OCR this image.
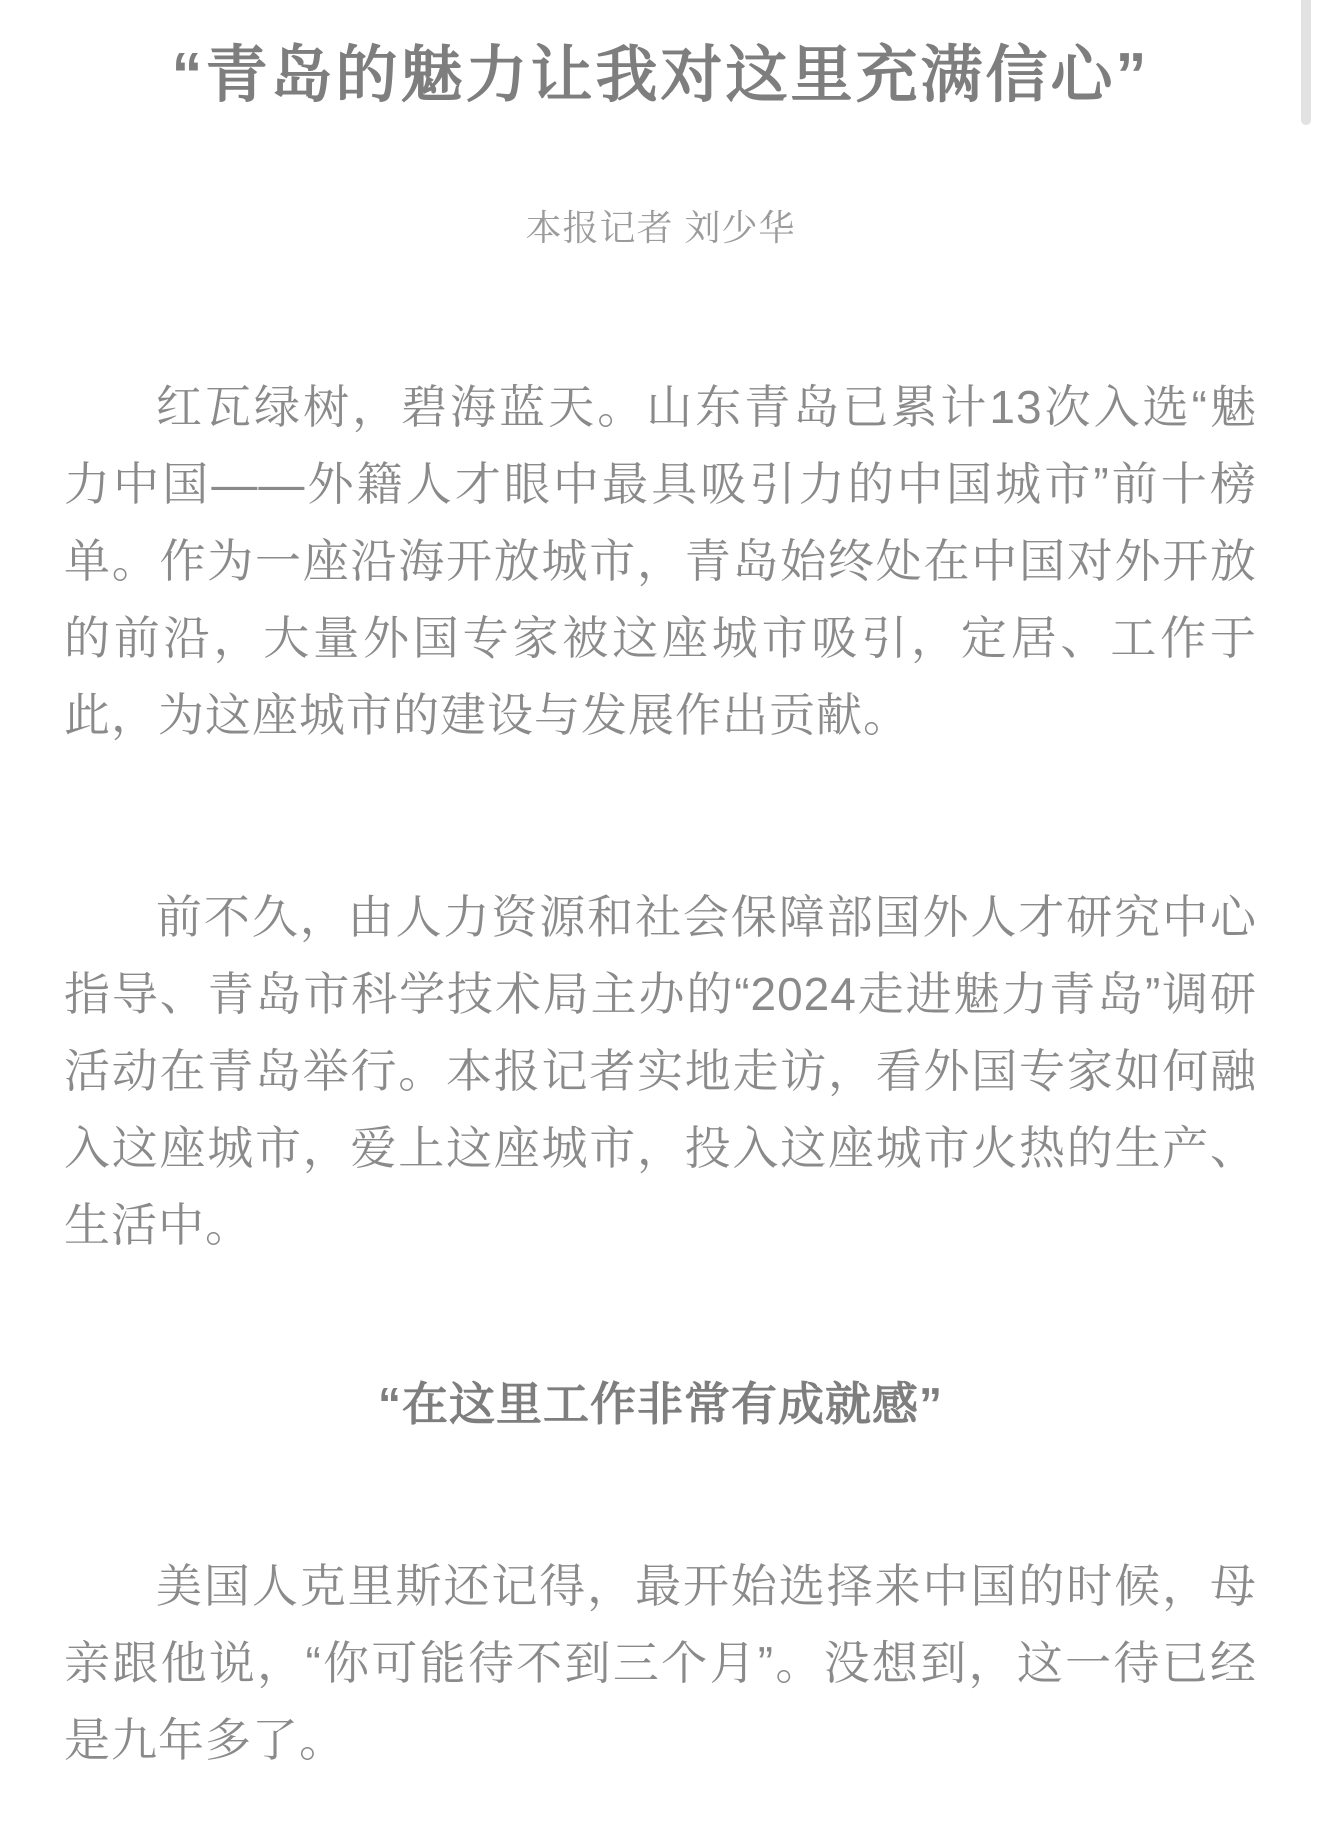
“青岛的魅力让我对这里充满信心”
本报记者 刘少华

红瓦绿树，碧海蓝天。山东青岛已累计13次入选“魅力中国——外籍人才眼中最具吸引力的中国城市”前十榜单。作为一座沿海开放城市，青岛始终处在中国对外开放的前沿，大量外国专家被这座城市吸引，定居、工作于此，为这座城市的建设与发展作出贡献。

前不久，由人力资源和社会保障部国外人才研究中心指导、青岛市科学技术局主办的“2024走进魅力青岛”调研活动在青岛举行。本报记者实地走访，看外国专家如何融入这座城市，爱上这座城市，投入这座城市火热的生产、生活中。

“在这里工作非常有成就感”

美国人克里斯还记得，最开始选择来中国的时候，母亲跟他说，“你可能待不到三个月”。没想到，这一待已经是九年多了。
